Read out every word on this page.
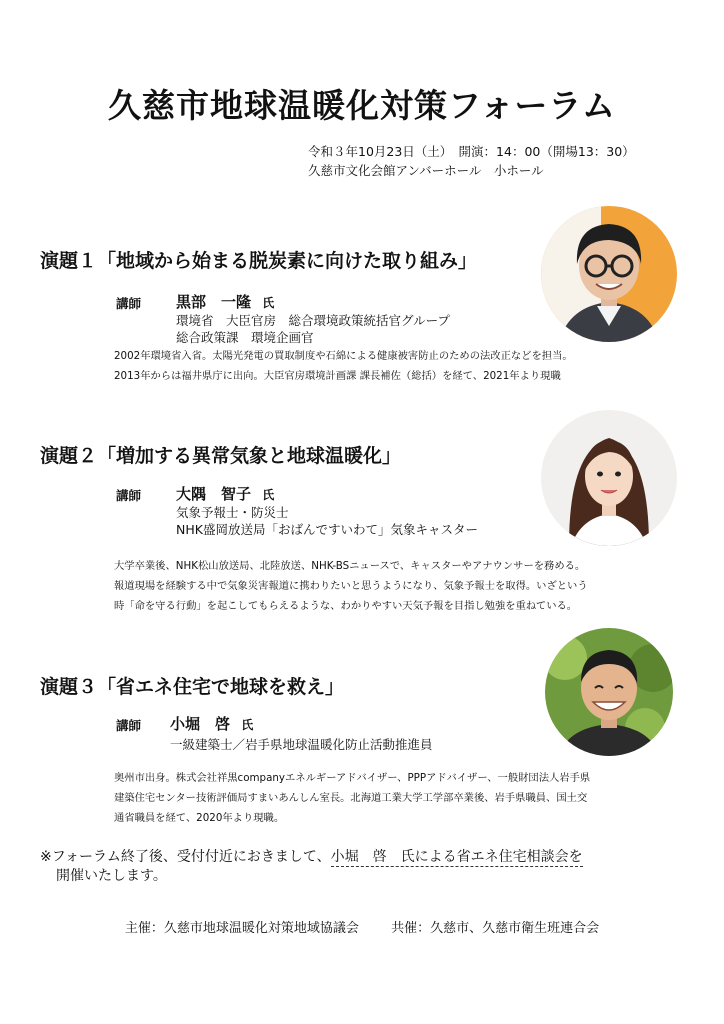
久慈市地球温暖化対策フォーラム
令和３年10月23日（土）　開演：14：00（開場13：30）
久慈市文化会館アンバーホール　小ホール
演題１「地域から始まる脱炭素に向けた取り組み」
講師 黒部　一隆 氏
環境省　大臣官房　総合環境政策統括官グループ
総合政策課　環境企画官
2002年環境省入省。太陽光発電の買取制度や石綿による健康被害防止のための法改正などを担当。
2013年からは福井県庁に出向。大臣官房環境計画課 課長補佐（総括）を経て、2021年より現職
演題２「増加する異常気象と地球温暖化」
講師 大隅　智子 氏
気象予報士・防災士
NHK盛岡放送局「おばんですいわて」気象キャスター
大学卒業後、NHK松山放送局、北陸放送、NHK-BSニュースで、キャスターやアナウンサーを務める。
報道現場を経験する中で気象災害報道に携わりたいと思うようになり、気象予報士を取得。いざという
時「命を守る行動」を起こしてもらえるような、わかりやすい天気予報を目指し勉強を重ねている。
演題３「省エネ住宅で地球を救え」
講師 小堀　啓 氏
一級建築士／岩手県地球温暖化防止活動推進員
奥州市出身。株式会社祥黒companyエネルギーアドバイザー、PPPアドバイザー、一般財団法人岩手県
建築住宅センター技術評価局すまいあんしん室長。北海道工業大学工学部卒業後、岩手県職員、国土交
通省職員を経て、2020年より現職。
※フォーラム終了後、受付付近におきまして、小堀　啓　氏による省エネ住宅相談会を
開催いたします。
主催：久慈市地球温暖化対策地域協議会 共催：久慈市、久慈市衛生班連合会
